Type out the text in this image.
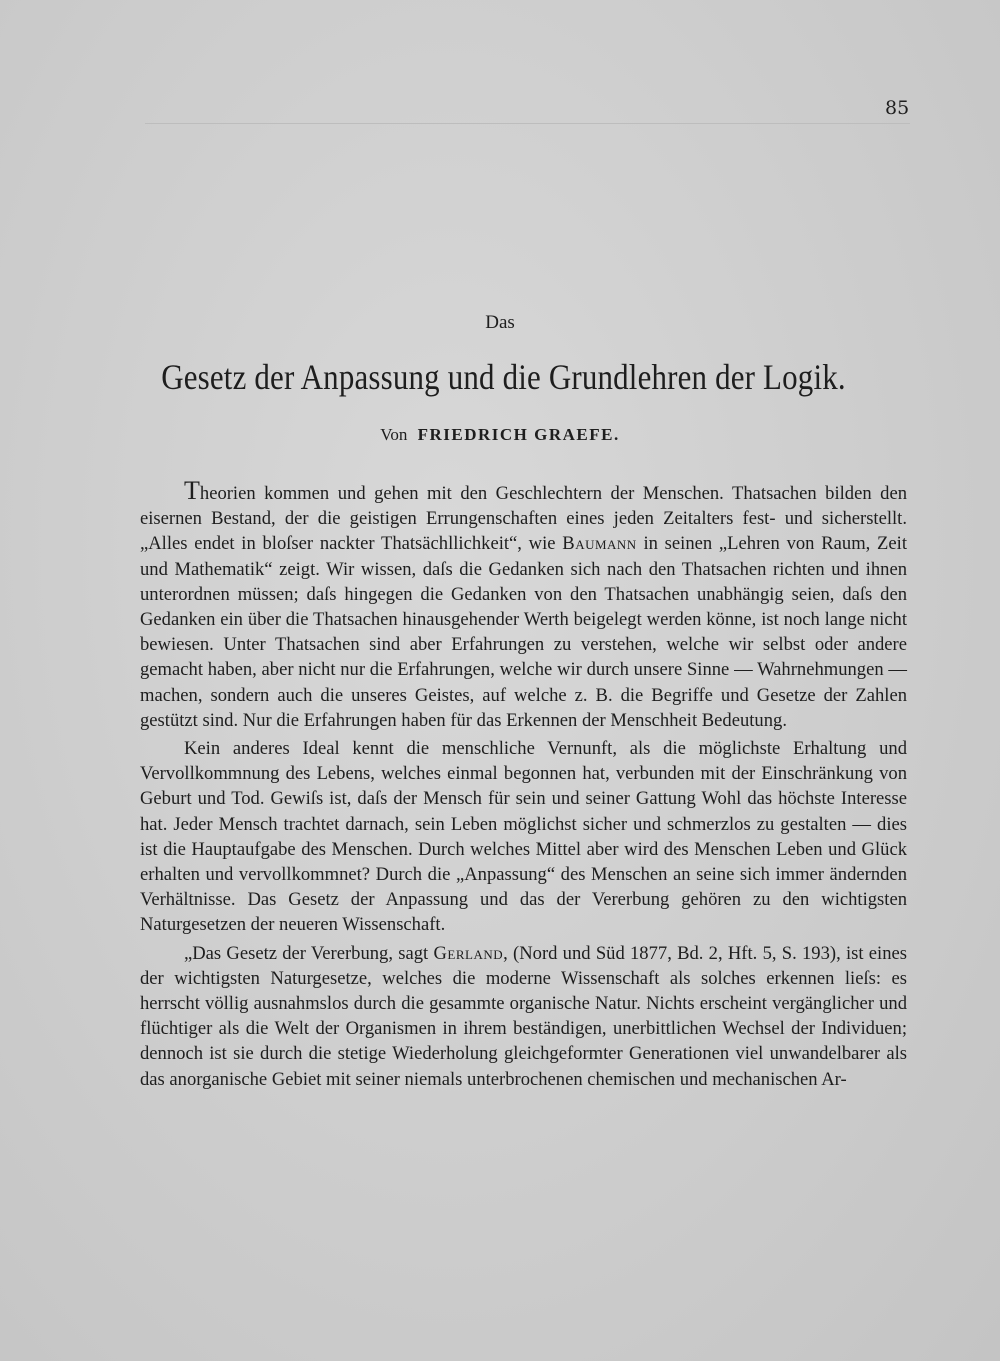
85
Das
Gesetz der Anpassung und die Grundlehren der Logik.
Von FRIEDRICH GRAEFE.

Theorien kommen und gehen mit den Geschlechtern der Menschen. Thatsachen bilden den eisernen Bestand, der die geistigen Errungenschaften eines jeden Zeitalters fest- und sicherstellt. „Alles endet in bloſser nackter Thatsächllichkeit“, wie Baumann in seinen „Lehren von Raum, Zeit und Mathematik“ zeigt. Wir wissen, daſs die Gedanken sich nach den Thatsachen richten und ihnen unterordnen müssen; daſs hingegen die Gedanken von den Thatsachen unabhängig seien, daſs den Gedanken ein über die Thatsachen hinausgehender Werth beigelegt werden könne, ist noch lange nicht bewiesen. Unter Thatsachen sind aber Erfahrungen zu verstehen, welche wir selbst oder andere gemacht haben, aber nicht nur die Erfahrungen, welche wir durch unsere Sinne — Wahrnehmungen — machen, sondern auch die unseres Geistes, auf welche z. B. die Begriffe und Gesetze der Zahlen gestützt sind. Nur die Erfahrungen haben für das Erkennen der Menschheit Bedeutung.

Kein anderes Ideal kennt die menschliche Vernunft, als die möglichste Erhaltung und Vervollkommnung des Lebens, welches einmal begonnen hat, verbunden mit der Einschränkung von Geburt und Tod. Gewiſs ist, daſs der Mensch für sein und seiner Gattung Wohl das höchste Interesse hat. Jeder Mensch trachtet darnach, sein Leben möglichst sicher und schmerzlos zu gestalten — dies ist die Hauptaufgabe des Menschen. Durch welches Mittel aber wird des Menschen Leben und Glück erhalten und vervollkommnet? Durch die „Anpassung“ des Menschen an seine sich immer ändernden Verhältnisse. Das Gesetz der Anpassung und das der Vererbung gehören zu den wichtigsten Naturgesetzen der neueren Wissenschaft.

„Das Gesetz der Vererbung, sagt Gerland, (Nord und Süd 1877, Bd. 2, Hft. 5, S. 193), ist eines der wichtigsten Naturgesetze, welches die moderne Wissenschaft als solches erkennen lieſs: es herrscht völlig ausnahmslos durch die gesammte organische Natur. Nichts erscheint vergänglicher und flüchtiger als die Welt der Organismen in ihrem beständigen, unerbittlichen Wechsel der Individuen; dennoch ist sie durch die stetige Wiederholung gleichgeformter Generationen viel unwandelbarer als das anorganische Gebiet mit seiner niemals unterbrochenen chemischen und mechanischen Ar-
